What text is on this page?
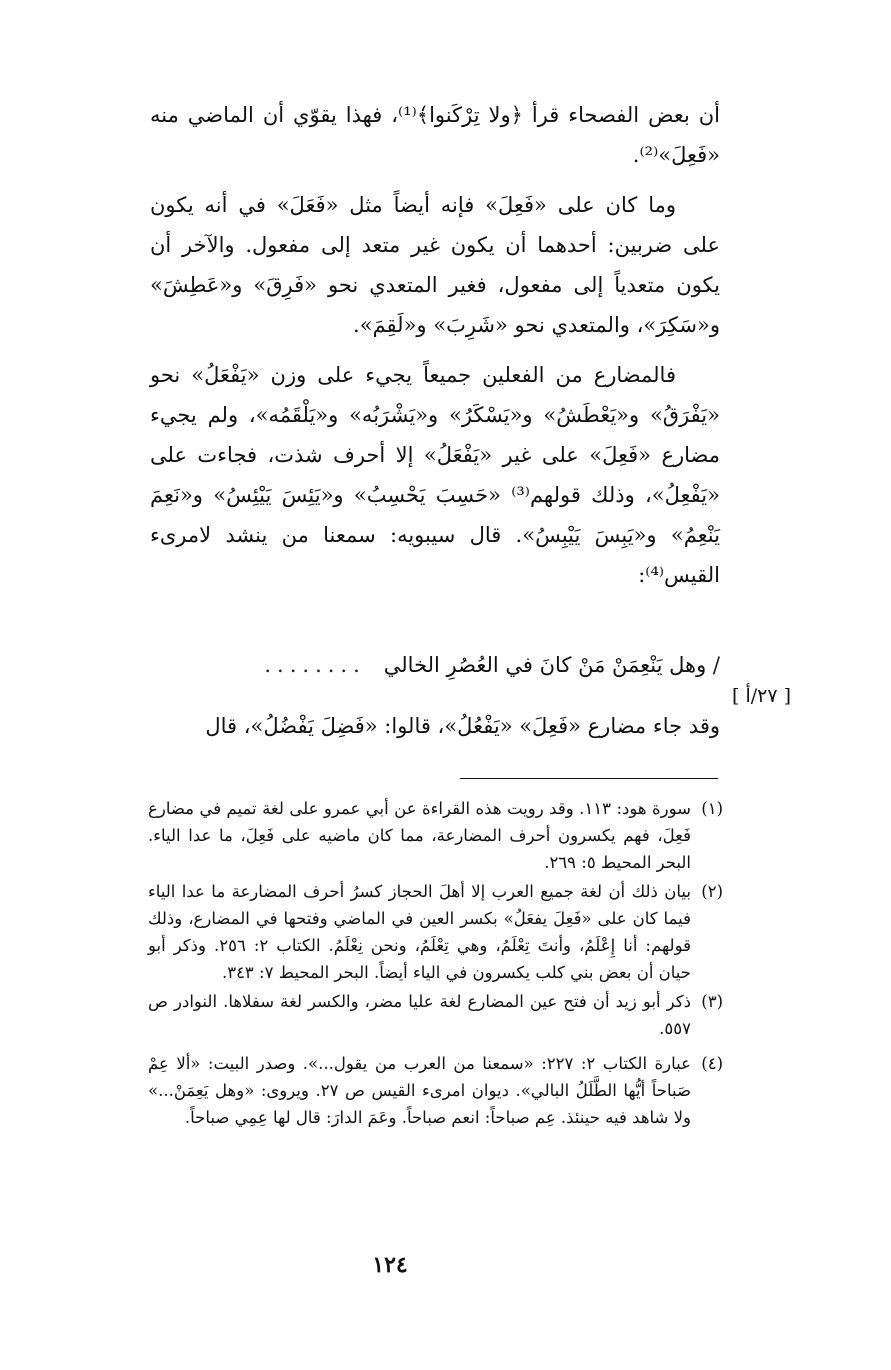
أن بعض الفصحاء قرأ ﴿ولا تِرْكَنوا﴾⁽¹⁾، فهذا يقوّي أن الماضي منه «فَعِلَ»⁽²⁾.

وما كان على «فَعِلَ» فإنه أيضاً مثل «فَعَلَ» في أنه يكون على ضربين: أحدهما أن يكون غير متعد إلى مفعول. والآخر أن يكون متعدياً إلى مفعول، فغير المتعدي نحو «فَرِقَ» و«عَطِشَ» و«سَكِرَ»، والمتعدي نحو «شَرِبَ» و«لَقِمَ».

فالمضارع من الفعلين جميعاً يجيء على وزن «يَفْعَلُ» نحو «يَفْرَقُ» و«يَعْطَشُ» و«يَسْكَرُ» و«يَشْرَبُه» و«يَلْقَمُه»، ولم يجيء مضارع «فَعِلَ» على غير «يَفْعَلُ» إلا أحرف شذت، فجاءت على «يَفْعِلُ»، وذلك قولهم⁽³⁾ «حَسِبَ يَحْسِبُ» و«يَئِسَ يَيْئِسُ» و«نَعِمَ يَنْعِمُ» و«يَبِسَ يَيْبِسُ». قال سيبويه: سمعنا من ينشد لامرىء القيس⁽⁴⁾:

/ وهل يَنْعِمَنْ مَنْ كانَ في العُصُرِ الخالي
........
[ ٢٧/أ ]
وقد جاء مضارع «فَعِلَ» «يَفْعُلُ»، قالوا: «فَضِلَ يَفْضُلُ»، قال
(١)
سورة هود: ١١٣. وقد رويت هذه القراءة عن أبي عمرو على لغة تميم في مضارع فَعِلَ، فهم يكسرون أحرف المضارعة، مما كان ماضيه على فَعِلَ، ما عدا الياء. البحر المحيط ٥: ٢٦٩.
(٢)
بيان ذلك أن لغة جميع العرب إلا أهلَ الحجاز كسرُ أحرف المضارعة ما عدا الياء فيما كان على «فَعِلَ يفعَلُ» بكسر العين في الماضي وفتحها في المضارع، وذلك قولهم: أنا إِعْلَمُ، وأنتَ تِعْلَمُ، وهي تِعْلَمُ، ونحن نِعْلَمُ. الكتاب ٢: ٢٥٦. وذكر أبو حيان أن بعض بني كلب يكسرون في الياء أيضاً. البحر المحيط ٧: ٣٤٣.
(٣)
ذكر أبو زيد أن فتح عين المضارع لغة عليا مضر، والكسر لغة سفلاها. النوادر ص ٥٥٧.
(٤)
عبارة الكتاب ٢: ٢٢٧: «سمعنا من العرب من يقول...». وصدر البيت: «ألا عِمْ صَباحاً أيُّها الطَّلَلُ البالي». ديوان امرىء القيس ص ٢٧. ويروى: «وهل يَعِمَنْ...» ولا شاهد فيه حينئذ. عِم صباحاً: انعم صباحاً. وعَمَ الدارَ: قال لها عِمِي صباحاً.
١٢٤
